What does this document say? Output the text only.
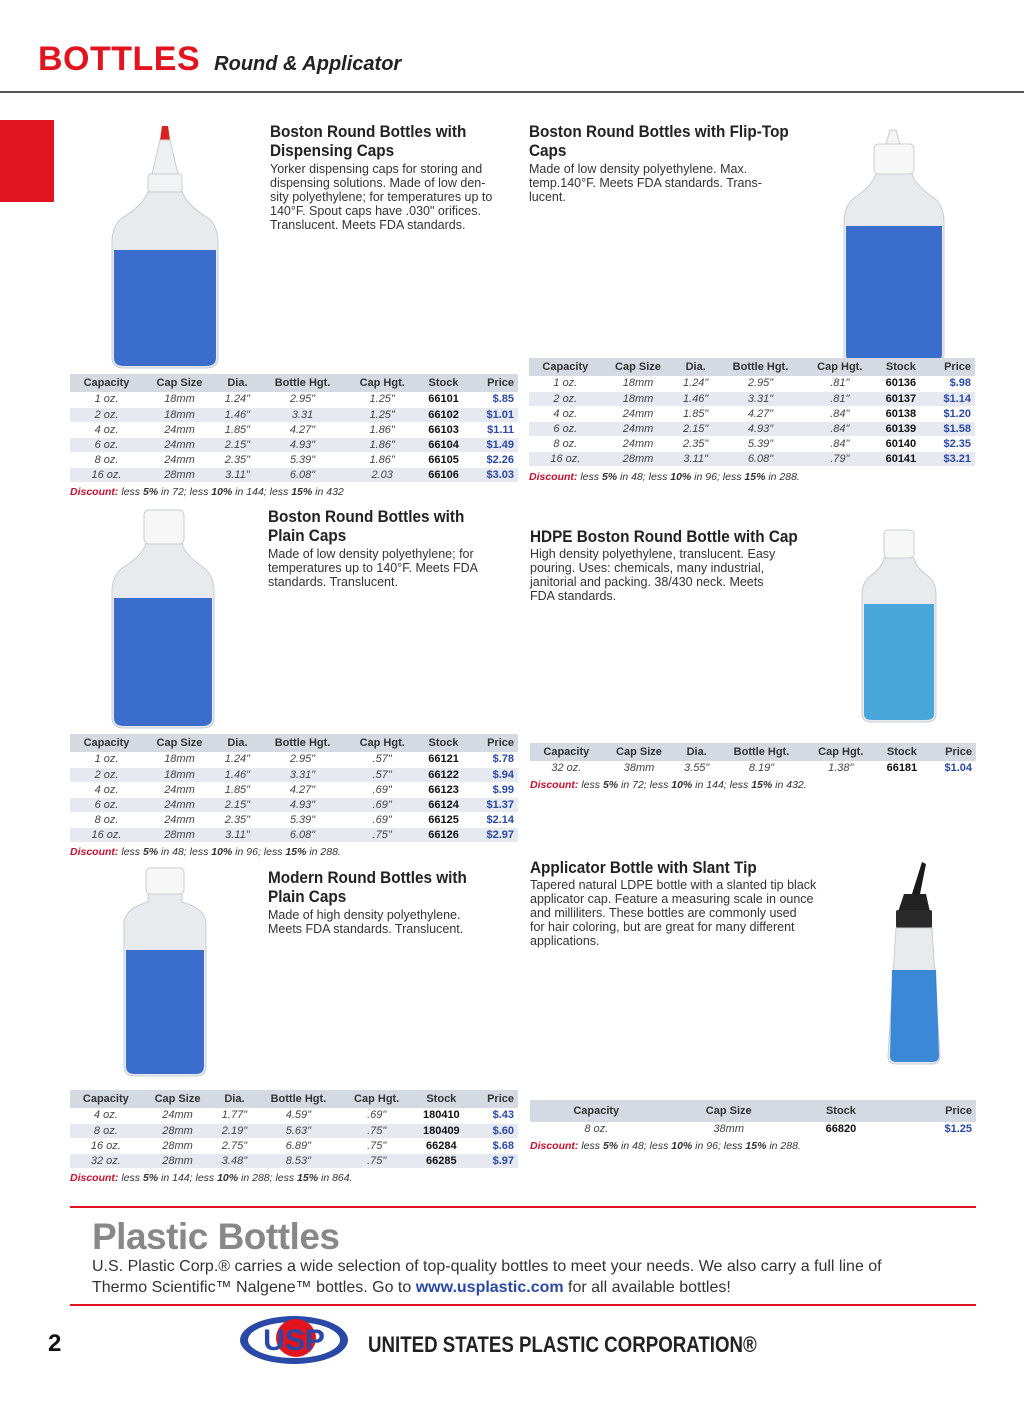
BOTTLES Round & Applicator
Boston Round Bottles with
Dispensing Caps
Yorker dispensing caps for storing and
dispensing solutions. Made of low den-
sity polyethylene; for temperatures up to
140°F. Spout caps have .030" orifices.
Translucent. Meets FDA standards.
Capacity	Cap Size	Dia.	Bottle Hgt.	Cap Hgt.	Stock	Price
1 oz.	18mm	1.24"	2.95"	1.25"	66101	$.85
2 oz.	18mm	1.46"	3.31	1.25"	66102	$1.01
4 oz.	24mm	1.85"	4.27"	1.86"	66103	$1.11
6 oz.	24mm	2.15"	4.93"	1.86"	66104	$1.49
8 oz.	24mm	2.35"	5.39"	1.86"	66105	$2.26
16 oz.	28mm	3.11"	6.08"	2.03	66106	$3.03
Discount: less 5% in 72; less 10% in 144; less 15% in 432
Boston Round Bottles with Flip-Top
Caps
Made of low density polyethylene. Max.
temp.140°F. Meets FDA standards. Trans-
lucent.
Capacity	Cap Size	Dia.	Bottle Hgt.	Cap Hgt.	Stock	Price
1 oz.	18mm	1.24"	2.95"	.81"	60136	$.98
2 oz.	18mm	1.46"	3.31"	.81"	60137	$1.14
4 oz.	24mm	1.85"	4.27"	.84"	60138	$1.20
6 oz.	24mm	2.15"	4.93"	.84"	60139	$1.58
8 oz.	24mm	2.35"	5.39"	.84"	60140	$2.35
16 oz.	28mm	3.11"	6.08"	.79"	60141	$3.21
Discount: less 5% in 48; less 10% in 96; less 15% in 288.
Boston Round Bottles with
Plain Caps
Made of low density polyethylene; for
temperatures up to 140°F. Meets FDA
standards. Translucent.
Capacity	Cap Size	Dia.	Bottle Hgt.	Cap Hgt.	Stock	Price
1 oz.	18mm	1.24"	2.95"	.57"	66121	$.78
2 oz.	18mm	1.46"	3.31"	.57"	66122	$.94
4 oz.	24mm	1.85"	4.27"	.69"	66123	$.99
6 oz.	24mm	2.15"	4.93"	.69"	66124	$1.37
8 oz.	24mm	2.35"	5.39"	.69"	66125	$2.14
16 oz.	28mm	3.11"	6.08"	.75"	66126	$2.97
Discount: less 5% in 48; less 10% in 96; less 15% in 288.
HDPE Boston Round Bottle with Cap
High density polyethylene, translucent. Easy
pouring. Uses: chemicals, many industrial,
janitorial and packing. 38/430 neck. Meets
FDA standards.
Capacity	Cap Size	Dia.	Bottle Hgt.	Cap Hgt.	Stock	Price
32 oz.	38mm	3.55"	8.19"	1.38"	66181	$1.04
Discount: less 5% in 72; less 10% in 144; less 15% in 432.
Modern Round Bottles with
Plain Caps
Made of high density polyethylene.
Meets FDA standards. Translucent.
Capacity	Cap Size	Dia.	Bottle Hgt.	Cap Hgt.	Stock	Price
4 oz.	24mm	1.77"	4.59"	.69"	180410	$.43
8 oz.	28mm	2.19"	5.63"	.75"	180409	$.60
16 oz.	28mm	2.75"	6.89"	.75"	66284	$.68
32 oz.	28mm	3.48"	8.53"	.75"	66285	$.97
Discount: less 5% in 144; less 10% in 288; less 15% in 864.
Applicator Bottle with Slant Tip
Tapered natural LDPE bottle with a slanted tip black
applicator cap. Feature a measuring scale in ounce
and milliliters. These bottles are commonly used
for hair coloring, but are great for many different
applications.
Capacity	Cap Size	Stock	Price
8 oz.	38mm	66820	$1.25
Discount: less 5% in 48; less 10% in 96; less 15% in 288.
Plastic Bottles
U.S. Plastic Corp.® carries a wide selection of top-quality bottles to meet your needs. We also carry a full line of
Thermo Scientific™ Nalgene™ bottles. Go to www.usplastic.com for all available bottles!
2	USP UNITED STATES PLASTIC CORPORATION®
